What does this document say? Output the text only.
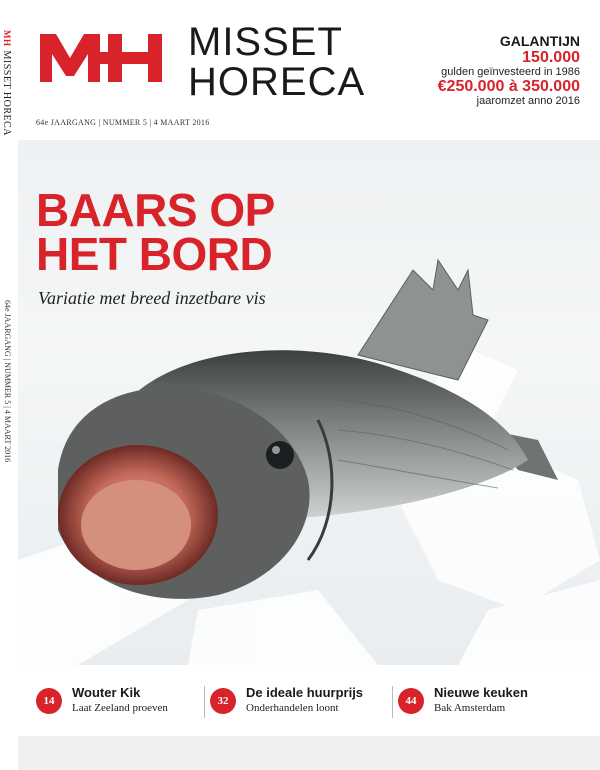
MHMISSET HORECA
64e JAARGANG | NUMMER 5 | 4 MAART 2016
MISSET
HORECA
GALANTIJN
150.000
gulden geïnvesteerd in 1986
€250.000 à 350.000
jaaromzet anno 2016
64e JAARGANG | NUMMER 5 | 4 MAART 2016
BAARS OP
HET BORD
Variatie met breed inzetbare vis
14
Wouter Kik
Laat Zeeland proeven
32
De ideale huurprijs
Onderhandelen loont
44
Nieuwe keuken
Bak Amsterdam
